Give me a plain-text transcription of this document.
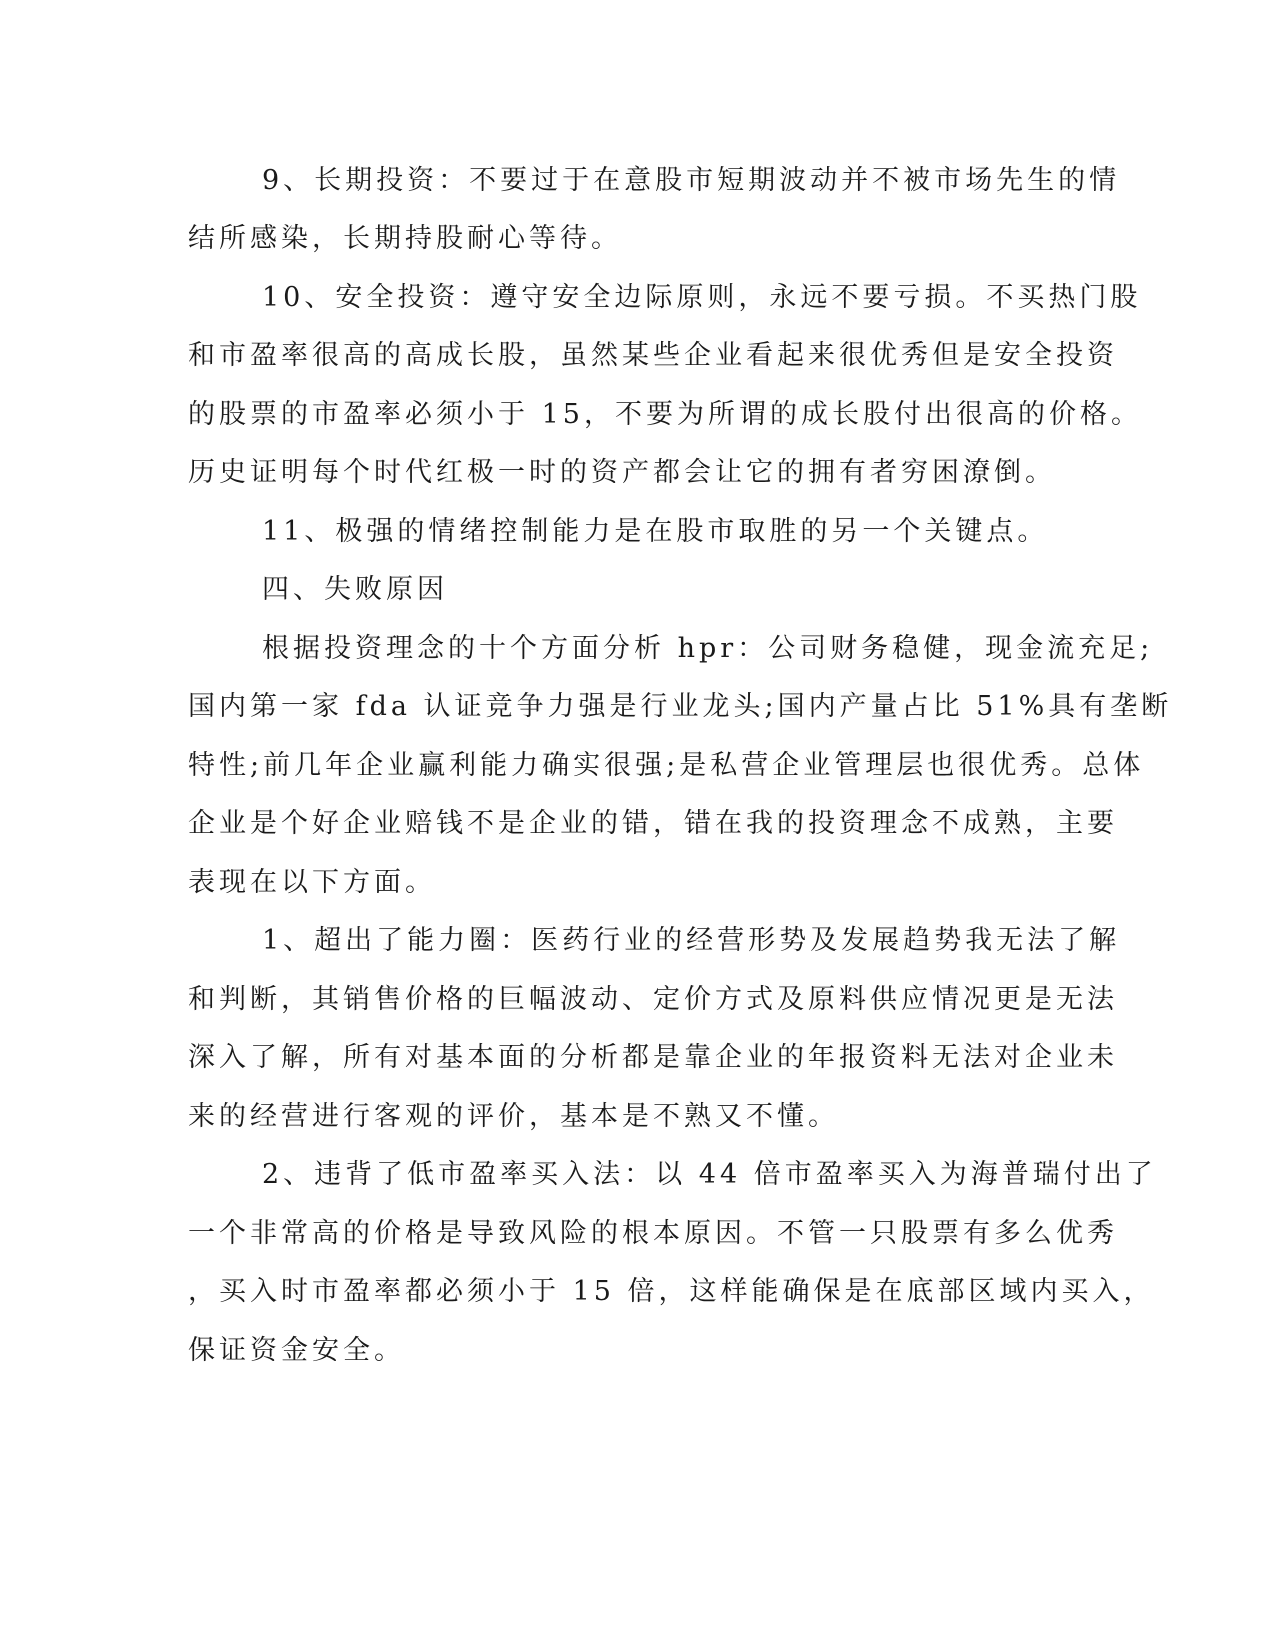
9、长期投资：不要过于在意股市短期波动并不被市场先生的情

结所感染，长期持股耐心等待。

10、安全投资：遵守安全边际原则，永远不要亏损。不买热门股

和市盈率很高的高成长股，虽然某些企业看起来很优秀但是安全投资

的股票的市盈率必须小于 15，不要为所谓的成长股付出很高的价格。

历史证明每个时代红极一时的资产都会让它的拥有者穷困潦倒。

11、极强的情绪控制能力是在股市取胜的另一个关键点。

四、失败原因

根据投资理念的十个方面分析 hpr：公司财务稳健，现金流充足;

国内第一家 fda 认证竞争力强是行业龙头;国内产量占比 51%具有垄断

特性;前几年企业赢利能力确实很强;是私营企业管理层也很优秀。总体

企业是个好企业赔钱不是企业的错，错在我的投资理念不成熟，主要

表现在以下方面。

1、超出了能力圈：医药行业的经营形势及发展趋势我无法了解

和判断，其销售价格的巨幅波动、定价方式及原料供应情况更是无法

深入了解，所有对基本面的分析都是靠企业的年报资料无法对企业未

来的经营进行客观的评价，基本是不熟又不懂。

2、违背了低市盈率买入法：以 44 倍市盈率买入为海普瑞付出了

一个非常高的价格是导致风险的根本原因。不管一只股票有多么优秀

，买入时市盈率都必须小于 15 倍，这样能确保是在底部区域内买入，

保证资金安全。
